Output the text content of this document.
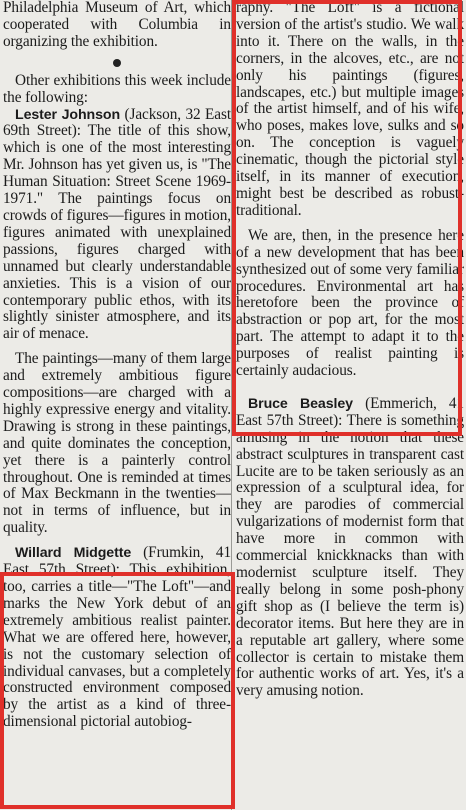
Philadelphia Museum of Art, which cooperated with Columbia in organizing the exhibition.

Other exhibitions this week include the following:

Lester Johnson (Jackson, 32 East 69th Street): The title of this show, which is one of the most interesting Mr. Johnson has yet given us, is "The Human Situation: Street Scene 1969-1971." The paintings focus on crowds of figures—figures in motion, figures animated with unexplained passions, figures charged with unnamed but clearly understandable anxieties. This is a vision of our contemporary public ethos, with its slightly sinister atmosphere, and its air of menace.

The paintings—many of them large and extremely ambitious figure compositions—are charged with a highly expressive energy and vitality. Drawing is strong in these paintings, and quite dominates the conception, yet there is a painterly control throughout. One is reminded at times of Max Beckmann in the twenties—not in terms of influence, but in quality.

Willard Midgette (Frumkin, 41 East 57th Street): This exhibition, too, carries a title—"The Loft"—and marks the New York debut of an extremely ambitious realist painter. What we are offered here, however, is not the customary selection of individual canvases, but a completely constructed environment composed by the artist as a kind of three-dimensional pictorial autobiog-

raphy. "The Loft" is a fictional version of the artist's studio. We walk into it. There on the walls, in the corners, in the alcoves, etc., are not only his paintings (figures, landscapes, etc.) but multiple images of the artist himself, and of his wife, who poses, makes love, sulks and so on. The conception is vaguely cinematic, though the pictorial style itself, in its manner of execution, might best be described as robust-traditional.

We are, then, in the presence here of a new development that has been synthesized out of some very familiar procedures. Environmental art has heretofore been the province of abstraction or pop art, for the most part. The attempt to adapt it to the purposes of realist painting is certainly audacious.

Bruce Beasley (Emmerich, 41 East 57th Street): There is something amusing in the notion that these abstract sculptures in transparent cast Lucite are to be taken seriously as an expression of a sculptural idea, for they are parodies of commercial vulgarizations of modernist form that have more in common with commercial knickknacks than with modernist sculpture itself. They really belong in some posh-phony gift shop as (I believe the term is) decorator items. But here they are in a reputable art gallery, where some collector is certain to mistake them for authentic works of art. Yes, it's a very amusing notion.
